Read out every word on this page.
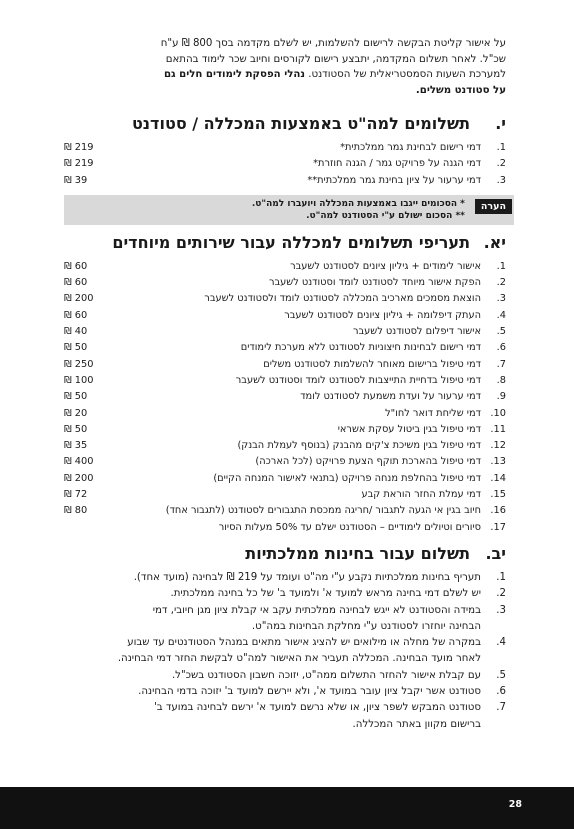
על אישור קליטת הבקשה לרישום להשלמות, יש לשלם מקדמה בסך 800 ₪ ע"ח
שכ"ל. לאחר תשלום המקדמה, יתבצע רישום לקורסים וחיוב שכר לימוד בהתאם
למערכת השעות הסמסטריאלית של הסטודנט. נהלי הפסקת לימודים חלים גם
על סטודנט משלים.

י.
תשלומים למה"ט באמצעות המכללה / סטודנט
1.
דמי רישום לבחינת גמר ממלכתית*
219 ₪
2.
דמי הגנה על פרויקט גמר / הגנה חוזרת*
219 ₪
3.
דמי ערעור על ציון בחינת גמר ממלכתית**
39 ₪
הערה
* הסכומים ייגבו באמצעות המכללה ויועברו למה"ט.
** הסכום ישולם ע"י הסטודנט למה"ט.
יא.
תעריפי תשלומים למכללה עבור שירותים מיוחדים
1.
אישור לימודים + גיליון ציונים לסטודנט לשעבר
60 ₪
2.
הפקת אישור מיוחד לסטודנט לומד וסטודנט לשעבר
60 ₪
3.
הוצאת מסמכים מארכיב המכללה לסטודנט לומד ולסטודנט לשעבר
200 ₪
4.
העתק דיפלומה + גיליון ציונים לסטודנט לשעבר
60 ₪
5.
אישור דיפלום לסטודנט לשעבר
40 ₪
6.
דמי רישום לבחינות חיצוניות לסטודנט ללא מערכת לימודים
50 ₪
7.
דמי טיפול ברישום מאוחר להשלמות לסטודנט משלים
250 ₪
8.
דמי טיפול בדחיית התייצבות לסטודנט לומד וסטודנט לשעבר
100 ₪
9.
דמי ערעור על ועדת משמעת לסטודנט לומד
50 ₪
10.
דמי שליחת דואר לחו"ל
20 ₪
11.
דמי טיפול בגין ביטול עסקת אשראי
50 ₪
12.
דמי טיפול בגין משיכת צ'קים מהבנק (בנוסף לעמלת הבנק)
35 ₪
13.
דמי טיפול בהארכת תוקף הצעת פרויקט (לכל הארכה)
400 ₪
14.
דמי טיפול בהחלפת מנחה פרויקט (בתנאי לאישור המנחה הקיים)
200 ₪
15.
דמי עמלת החזר הוראת קבע
72 ₪
16.
חיוב בגין אי הגעה לתגבור /חריגה ממכסת התגבורים לסטודנט (לתגבור אחד)
80 ₪
17.
סיורים וטיולים לימודיים – הסטודנט ישלם עד 50% מעלות הסיור
יב.
תשלום עבור בחינות ממלכתיות
1.
תעריף בחינות ממלכתיות נקבע ע"י מה"ט ועומד על 219 ₪ לבחינה (מועד אחד).
2.
יש לשלם דמי בחינה מראש למועד א' ולמועד ב' של כל בחינה ממלכתית.
3.
במידה והסטודנט לא ייגש לבחינה ממלכתית עקב אי קבלת ציון מגן חיובי, דמי
הבחינה יוחזרו לסטודנט ע"י מחלקת הבחינות במה"ט.
4.
במקרה של מחלה או מילואים יש להציג אישור מתאים במנהל הסטודנטים עד שבוע
לאחר מועד הבחינה. המכללה תעביר את האישור למה"ט לבקשת החזר דמי הבחינה.
5.
עם קבלת אישור להחזר התשלום ממה"ט, יזוכה חשבון הסטודנט בשכ"ל.
6.
סטודנט אשר יקבל ציון עובר במועד א', ולא יירשם למועד ב' יזוכה בדמי הבחינה.
7.
סטודנט המבקש לשפר ציון, או שלא נרשם למועד א' ירשם לבחינה במועד ב'
ברישום מקוון באתר המכללה.
28
